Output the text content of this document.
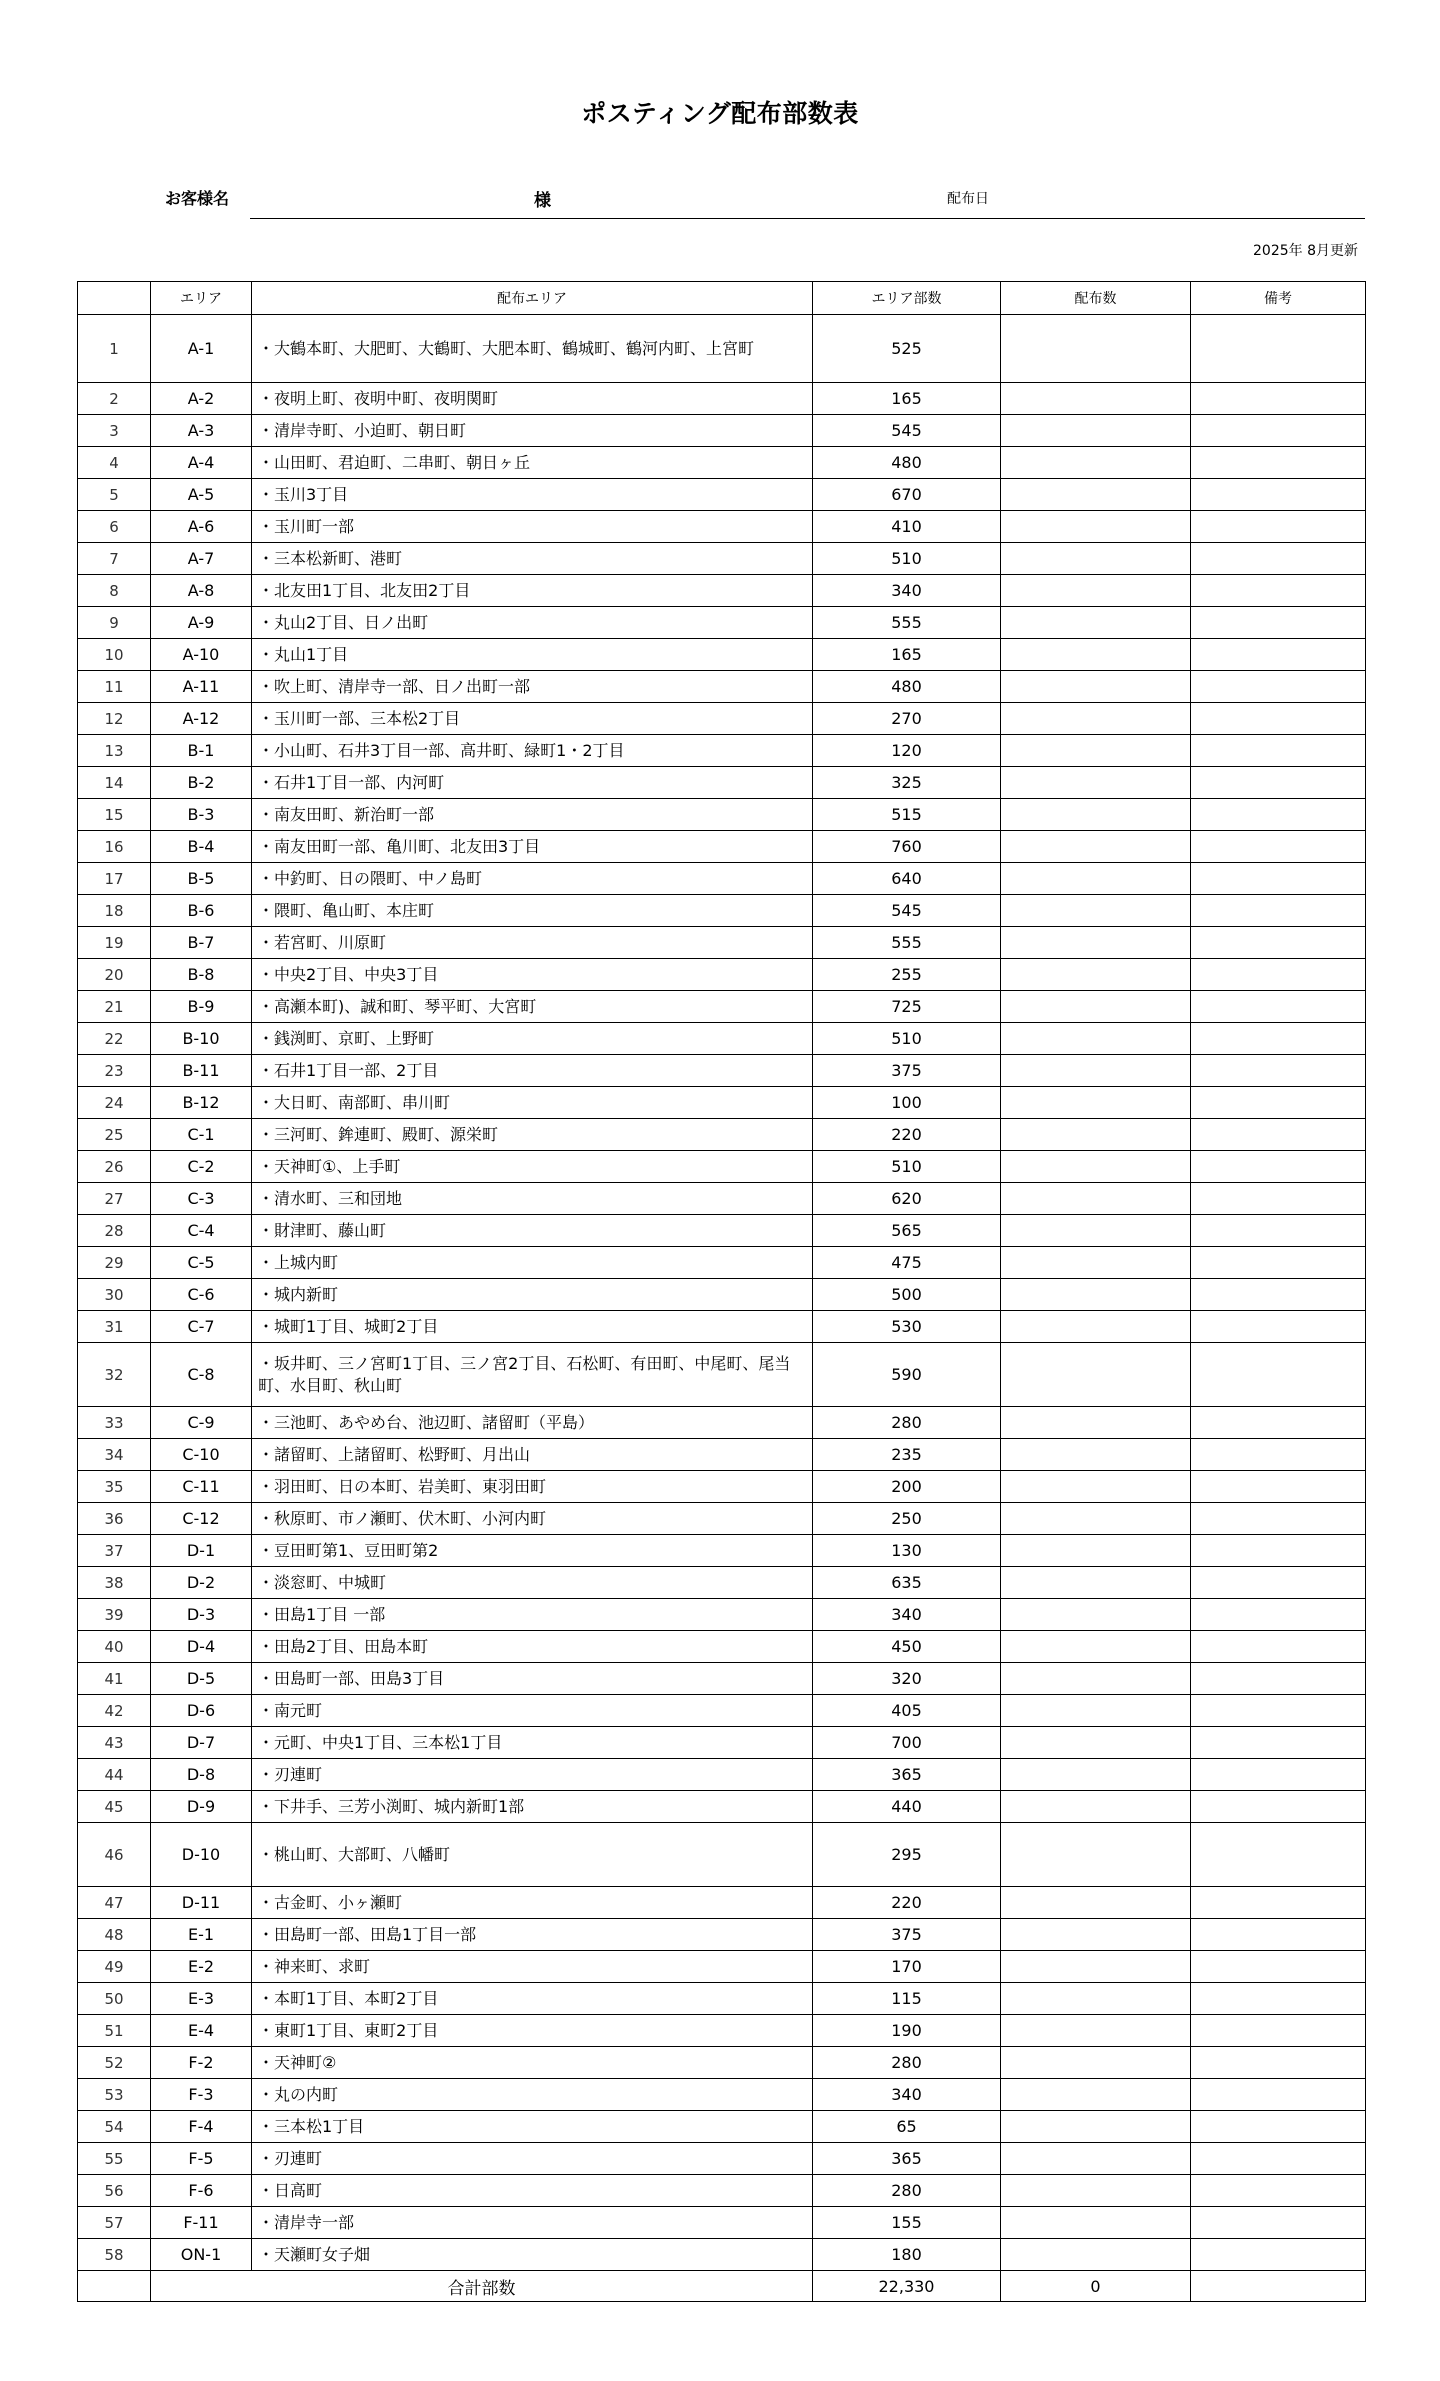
ポスティング配布部数表
お客様名	様	配布日
2025年 8月更新
	エリア	配布エリア	エリア部数	配布数	備考
1	A-1	・大鶴本町、大肥町、大鶴町、大肥本町、鶴城町、鶴河内町、上宮町	525		
2	A-2	・夜明上町、夜明中町、夜明関町	165		
3	A-3	・清岸寺町、小迫町、朝日町	545		
4	A-4	・山田町、君迫町、二串町、朝日ヶ丘	480		
5	A-5	・玉川3丁目	670		
6	A-6	・玉川町一部	410		
7	A-7	・三本松新町、港町	510		
8	A-8	・北友田1丁目、北友田2丁目	340		
9	A-9	・丸山2丁目、日ノ出町	555		
10	A-10	・丸山1丁目	165		
11	A-11	・吹上町、清岸寺一部、日ノ出町一部	480		
12	A-12	・玉川町一部、三本松2丁目	270		
13	B-1	・小山町、石井3丁目一部、高井町、緑町1・2丁目	120		
14	B-2	・石井1丁目一部、内河町	325		
15	B-3	・南友田町、新治町一部	515		
16	B-4	・南友田町一部、亀川町、北友田3丁目	760		
17	B-5	・中釣町、日の隈町、中ノ島町	640		
18	B-6	・隈町、亀山町、本庄町	545		
19	B-7	・若宮町、川原町	555		
20	B-8	・中央2丁目、中央3丁目	255		
21	B-9	・高瀬本町)、誠和町、琴平町、大宮町	725		
22	B-10	・銭渕町、京町、上野町	510		
23	B-11	・石井1丁目一部、2丁目	375		
24	B-12	・大日町、南部町、串川町	100		
25	C-1	・三河町、鉾連町、殿町、源栄町	220		
26	C-2	・天神町①、上手町	510		
27	C-3	・清水町、三和団地	620		
28	C-4	・財津町、藤山町	565		
29	C-5	・上城内町	475		
30	C-6	・城内新町	500		
31	C-7	・城町1丁目、城町2丁目	530		
32	C-8	・坂井町、三ノ宮町1丁目、三ノ宮2丁目、石松町、有田町、中尾町、尾当町、水目町、秋山町	590		
33	C-9	・三池町、あやめ台、池辺町、諸留町（平島）	280		
34	C-10	・諸留町、上諸留町、松野町、月出山	235		
35	C-11	・羽田町、日の本町、岩美町、東羽田町	200		
36	C-12	・秋原町、市ノ瀬町、伏木町、小河内町	250		
37	D-1	・豆田町第1、豆田町第2	130		
38	D-2	・淡窓町、中城町	635		
39	D-3	・田島1丁目 一部	340		
40	D-4	・田島2丁目、田島本町	450		
41	D-5	・田島町一部、田島3丁目	320		
42	D-6	・南元町	405		
43	D-7	・元町、中央1丁目、三本松1丁目	700		
44	D-8	・刃連町	365		
45	D-9	・下井手、三芳小渕町、城内新町1部	440		
46	D-10	・桃山町、大部町、八幡町	295		
47	D-11	・古金町、小ヶ瀬町	220		
48	E-1	・田島町一部、田島1丁目一部	375		
49	E-2	・神来町、求町	170		
50	E-3	・本町1丁目、本町2丁目	115		
51	E-4	・東町1丁目、東町2丁目	190		
52	F-2	・天神町②	280		
53	F-3	・丸の内町	340		
54	F-4	・三本松1丁目	65		
55	F-5	・刃連町	365		
56	F-6	・日高町	280		
57	F-11	・清岸寺一部	155		
58	ON-1	・天瀬町女子畑	180		
	合計部数		22,330	0	
